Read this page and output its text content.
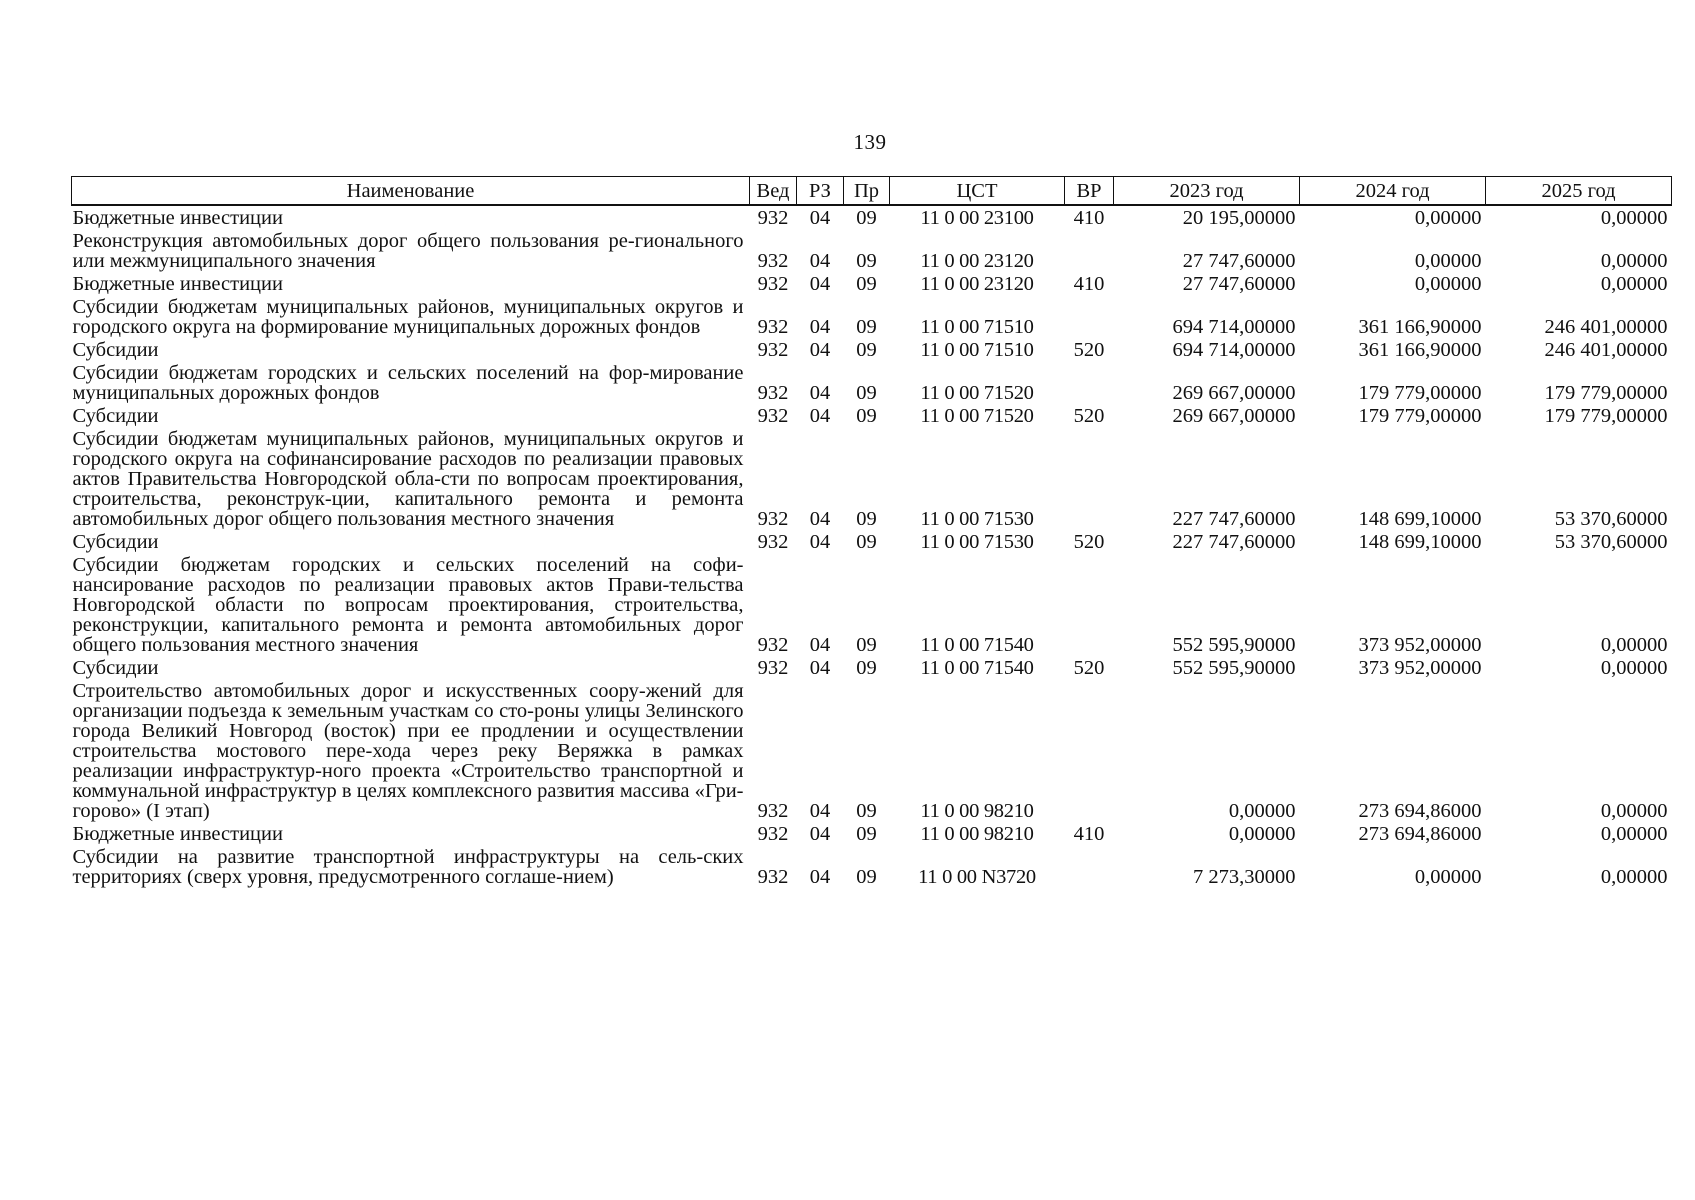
139
Наименование	Вед	РЗ	Пр	ЦСТ	ВР	2023 год	2024 год	2025 год
Бюджетные инвестиции	932	04	09	11 0 00 23100	410	20 195,00000	0,00000	0,00000
Реконструкция автомобильных дорог общего пользования ре-гионального или межмуниципального значения	932	04	09	11 0 00 23120		27 747,60000	0,00000	0,00000
Бюджетные инвестиции	932	04	09	11 0 00 23120	410	27 747,60000	0,00000	0,00000
Субсидии бюджетам муниципальных районов, муниципальных округов и городского округа на формирование муниципальных дорожных фондов	932	04	09	11 0 00 71510		694 714,00000	361 166,90000	246 401,00000
Субсидии	932	04	09	11 0 00 71510	520	694 714,00000	361 166,90000	246 401,00000
Субсидии бюджетам городских и сельских поселений на фор-мирование муниципальных дорожных фондов	932	04	09	11 0 00 71520		269 667,00000	179 779,00000	179 779,00000
Субсидии	932	04	09	11 0 00 71520	520	269 667,00000	179 779,00000	179 779,00000
Субсидии бюджетам муниципальных районов, муниципальных округов и городского округа на софинансирование расходов по реализации правовых актов Правительства Новгородской обла-сти по вопросам проектирования, строительства, реконструк-ции, капитального ремонта и ремонта автомобильных дорог общего пользования местного значения	932	04	09	11 0 00 71530		227 747,60000	148 699,10000	53 370,60000
Субсидии	932	04	09	11 0 00 71530	520	227 747,60000	148 699,10000	53 370,60000
Субсидии бюджетам городских и сельских поселений на софи-нансирование расходов по реализации правовых актов Прави-тельства Новгородской области по вопросам проектирования, строительства, реконструкции, капитального ремонта и ремонта автомобильных дорог общего пользования местного значения	932	04	09	11 0 00 71540		552 595,90000	373 952,00000	0,00000
Субсидии	932	04	09	11 0 00 71540	520	552 595,90000	373 952,00000	0,00000
Строительство автомобильных дорог и искусственных соору-жений для организации подъезда к земельным участкам со сто-роны улицы Зелинского города Великий Новгород (восток) при ее продлении и осуществлении строительства мостового пере-хода через реку Веряжка в рамках реализации инфраструктур-ного проекта «Строительство транспортной и коммунальной инфраструктур в целях комплексного развития массива «Гри-горово» (I этап)	932	04	09	11 0 00 98210		0,00000	273 694,86000	0,00000
Бюджетные инвестиции	932	04	09	11 0 00 98210	410	0,00000	273 694,86000	0,00000
Субсидии на развитие транспортной инфраструктуры на сель-ских территориях (сверх уровня, предусмотренного соглаше-нием)	932	04	09	11 0 00 N3720		7 273,30000	0,00000	0,00000
